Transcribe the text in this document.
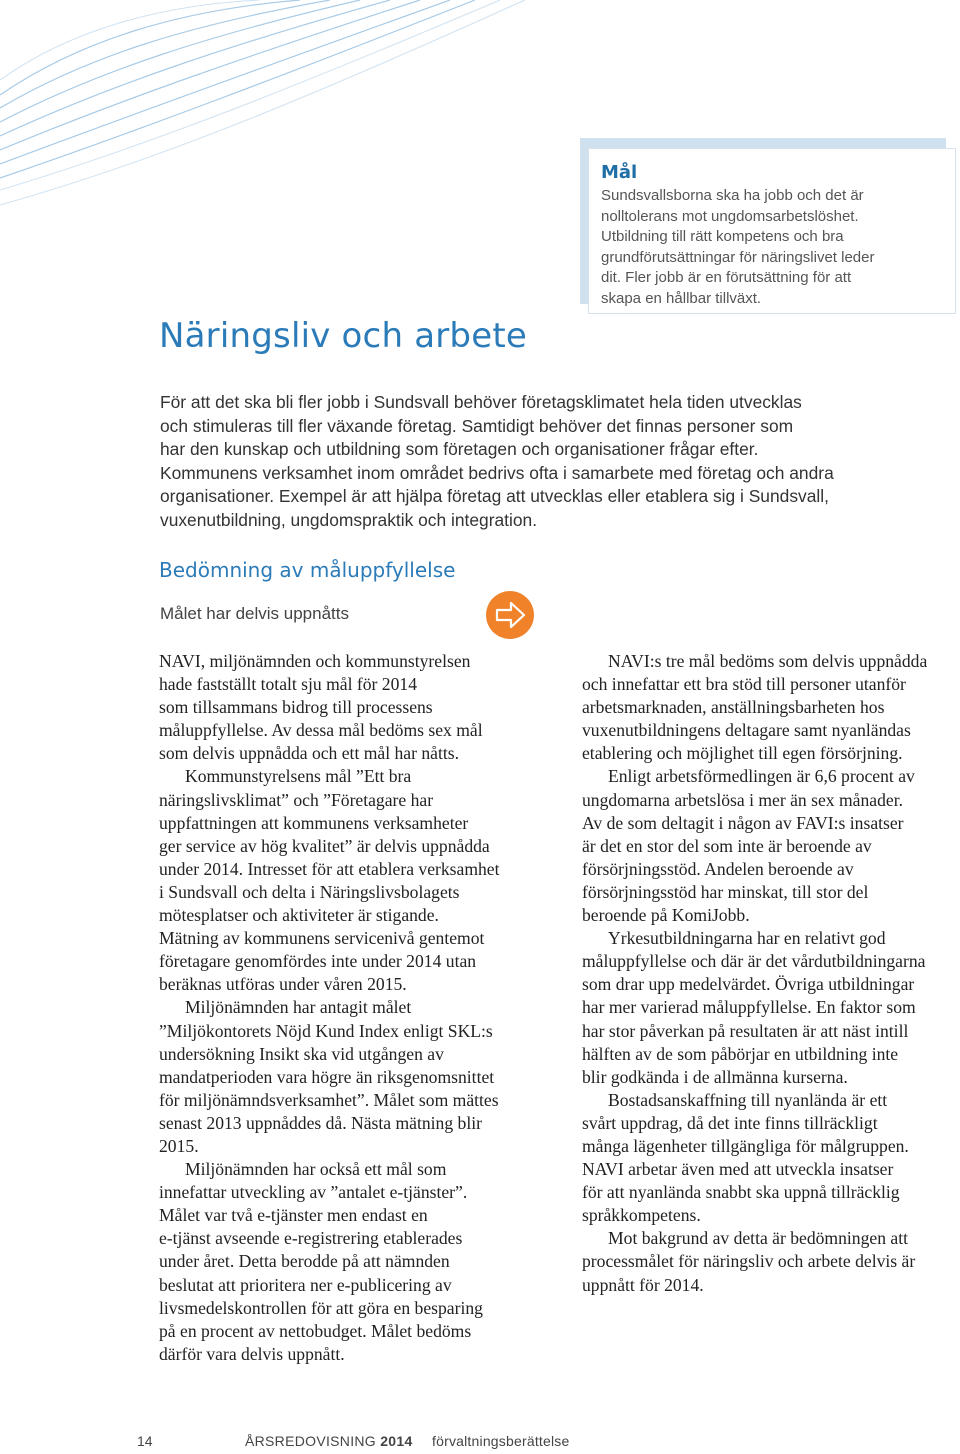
Mål
Sundsvallsborna ska ha jobb och det är
nolltolerans mot ungdomsarbetslöshet.
Utbildning till rätt kompetens och bra
grundförutsättningar för näringslivet leder
dit. Fler jobb är en förutsättning för att
skapa en hållbar tillväxt.
Näringsliv och arbete
För att det ska bli fler jobb i Sundsvall behöver företagsklimatet hela tiden utvecklas
och stimuleras till fler växande företag. Samtidigt behöver det finnas personer som
har den kunskap och utbildning som företagen och organisationer frågar efter.
Kommunens verksamhet inom området bedrivs ofta i samarbete med företag och andra
organisationer. Exempel är att hjälpa företag att utvecklas eller etablera sig i Sundsvall,
vuxenutbildning, ungdomspraktik och integration.
Bedömning av måluppfyllelse
Målet har delvis uppnåtts
NAVI, miljönämnden och kommunstyrelsen
hade fastställt totalt sju mål för 2014
som tillsammans bidrog till processens
måluppfyllelse. Av dessa mål bedöms sex mål
som delvis uppnådda och ett mål har nåtts.
Kommunstyrelsens mål ”Ett bra
näringslivsklimat” och ”Företagare har
uppfattningen att kommunens verksamheter
ger service av hög kvalitet” är delvis uppnådda
under 2014. Intresset för att etablera verksamhet
i Sundsvall och delta i Näringslivsbolagets
mötesplatser och aktiviteter är stigande.
Mätning av kommunens servicenivå gentemot
företagare genomfördes inte under 2014 utan
beräknas utföras under våren 2015.
Miljönämnden har antagit målet
”Miljökontorets Nöjd Kund Index enligt SKL:s
undersökning Insikt ska vid utgången av
mandatperioden vara högre än riksgenomsnittet
för miljönämndsverksamhet”. Målet som mättes
senast 2013 uppnåddes då. Nästa mätning blir
2015.
Miljönämnden har också ett mål som
innefattar utveckling av ”antalet e-tjänster”.
Målet var två e-tjänster men endast en
e-tjänst avseende e-registrering etablerades
under året. Detta berodde på att nämnden
beslutat att prioritera ner e-publicering av
livsmedelskontrollen för att göra en besparing
på en procent av nettobudget. Målet bedöms
därför vara delvis uppnått.
NAVI:s tre mål bedöms som delvis uppnådda
och innefattar ett bra stöd till personer utanför
arbetsmarknaden, anställningsbarheten hos
vuxenutbildningens deltagare samt nyanländas
etablering och möjlighet till egen försörjning.
Enligt arbetsförmedlingen är 6,6 procent av
ungdomarna arbetslösa i mer än sex månader.
Av de som deltagit i någon av FAVI:s insatser
är det en stor del som inte är beroende av
försörjningsstöd. Andelen beroende av
försörjningsstöd har minskat, till stor del
beroende på KomiJobb.
Yrkesutbildningarna har en relativt god
måluppfyllelse och där är det vårdutbildningarna
som drar upp medelvärdet. Övriga utbildningar
har mer varierad måluppfyllelse. En faktor som
har stor påverkan på resultaten är att näst intill
hälften av de som påbörjar en utbildning inte
blir godkända i de allmänna kurserna.
Bostadsanskaffning till nyanlända är ett
svårt uppdrag, då det inte finns tillräckligt
många lägenheter tillgängliga för målgruppen.
NAVI arbetar även med att utveckla insatser
för att nyanlända snabbt ska uppnå tillräcklig
språkkompetens.
Mot bakgrund av detta är bedömningen att
processmålet för näringsliv och arbete delvis är
uppnått för 2014.
14	ÅRSREDOVISNING 2014 förvaltningsberättelse
